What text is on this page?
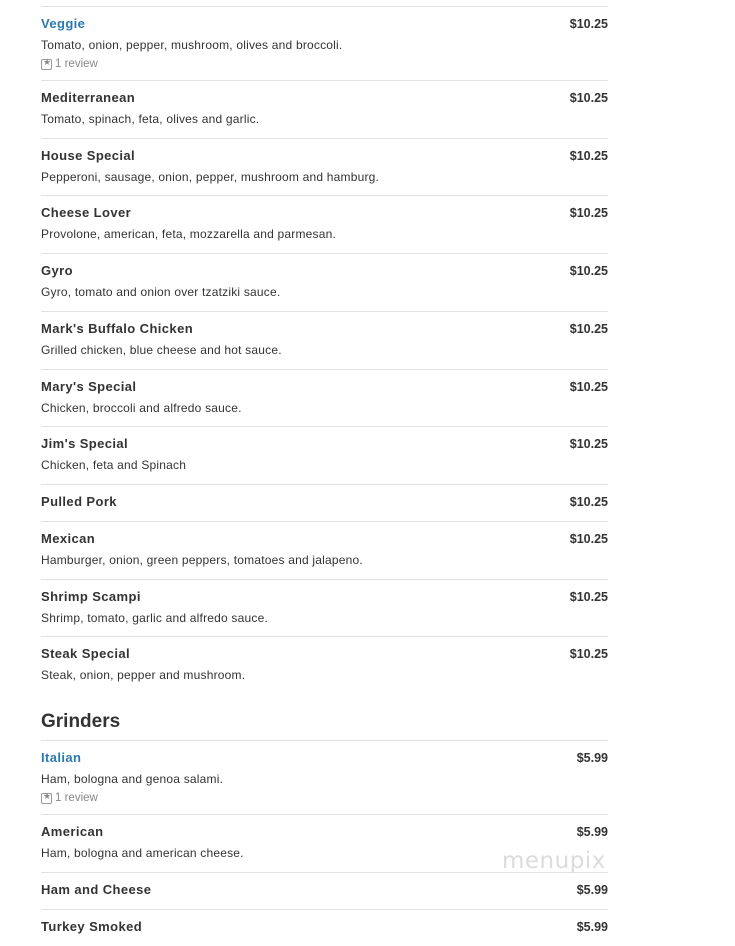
Veggie	$10.25
Tomato, onion, pepper, mushroom, olives and broccoli.
★
1 review
Mediterranean	$10.25
Tomato, spinach, feta, olives and garlic.
House Special	$10.25
Pepperoni, sausage, onion, pepper, mushroom and hamburg.
Cheese Lover	$10.25
Provolone, american, feta, mozzarella and parmesan.
Gyro	$10.25
Gyro, tomato and onion over tzatziki sauce.
Mark's Buffalo Chicken	$10.25
Grilled chicken, blue cheese and hot sauce.
Mary's Special	$10.25
Chicken, broccoli and alfredo sauce.
Jim's Special	$10.25
Chicken, feta and Spinach
Pulled Pork	$10.25
Mexican	$10.25
Hamburger, onion, green peppers, tomatoes and jalapeno.
Shrimp Scampi	$10.25
Shrimp, tomato, garlic and alfredo sauce.
Steak Special	$10.25
Steak, onion, pepper and mushroom.
Grinders
Italian	$5.99
Ham, bologna and genoa salami.
★
1 review
American	$5.99
Ham, bologna and american cheese.
Ham and Cheese	$5.99
Turkey Smoked	$5.99
menupix
